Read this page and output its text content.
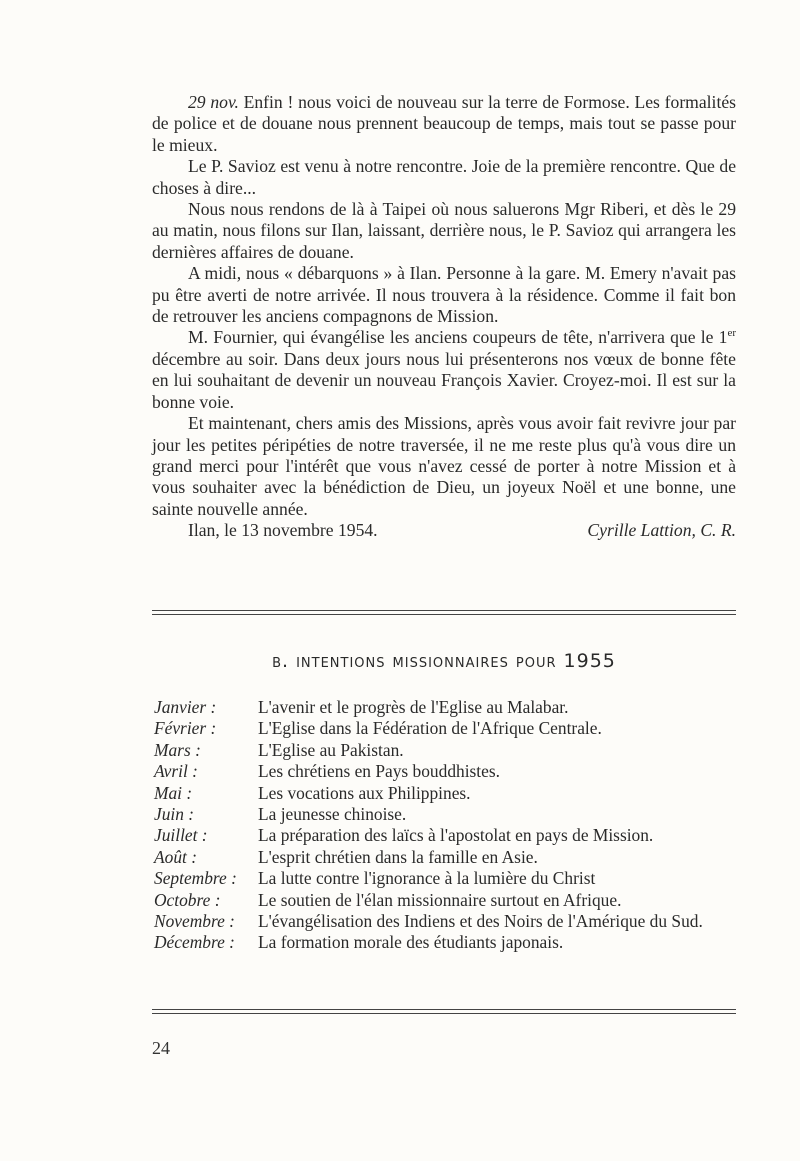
29 nov. Enfin ! nous voici de nouveau sur la terre de Formose. Les formalités de police et de douane nous prennent beaucoup de temps, mais tout se passe pour le mieux.

Le P. Savioz est venu à notre rencontre. Joie de la première rencontre. Que de choses à dire...

Nous nous rendons de là à Taipei où nous saluerons Mgr Riberi, et dès le 29 au matin, nous filons sur Ilan, laissant, derrière nous, le P. Savioz qui arrangera les dernières affaires de douane.

A midi, nous « débarquons » à Ilan. Personne à la gare. M. Emery n'avait pas pu être averti de notre arrivée. Il nous trouvera à la résidence. Comme il fait bon de retrouver les anciens compagnons de Mission.

M. Fournier, qui évangélise les anciens coupeurs de tête, n'arrivera que le 1er décembre au soir. Dans deux jours nous lui présenterons nos vœux de bonne fête en lui souhaitant de devenir un nouveau François Xavier. Croyez-moi. Il est sur la bonne voie.

Et maintenant, chers amis des Missions, après vous avoir fait revivre jour par jour les petites péripéties de notre traversée, il ne me reste plus qu'à vous dire un grand merci pour l'intérêt que vous n'avez cessé de porter à notre Mission et à vous souhaiter avec la bénédiction de Dieu, un joyeux Noël et une bonne, une sainte nouvelle année.

Ilan, le 13 novembre 1954.	Cyrille Lattion, C. R.
b. intentions missionnaires pour 1955
Janvier :	L'avenir et le progrès de l'Eglise au Malabar.
Février :	L'Eglise dans la Fédération de l'Afrique Centrale.
Mars :	L'Eglise au Pakistan.
Avril :	Les chrétiens en Pays bouddhistes.
Mai :	Les vocations aux Philippines.
Juin :	La jeunesse chinoise.
Juillet :	La préparation des laïcs à l'apostolat en pays de Mission.
Août :	L'esprit chrétien dans la famille en Asie.
Septembre :	La lutte contre l'ignorance à la lumière du Christ
Octobre :	Le soutien de l'élan missionnaire surtout en Afrique.
Novembre :	L'évangélisation des Indiens et des Noirs de l'Amérique du Sud.
Décembre :	La formation morale des étudiants japonais.
24
